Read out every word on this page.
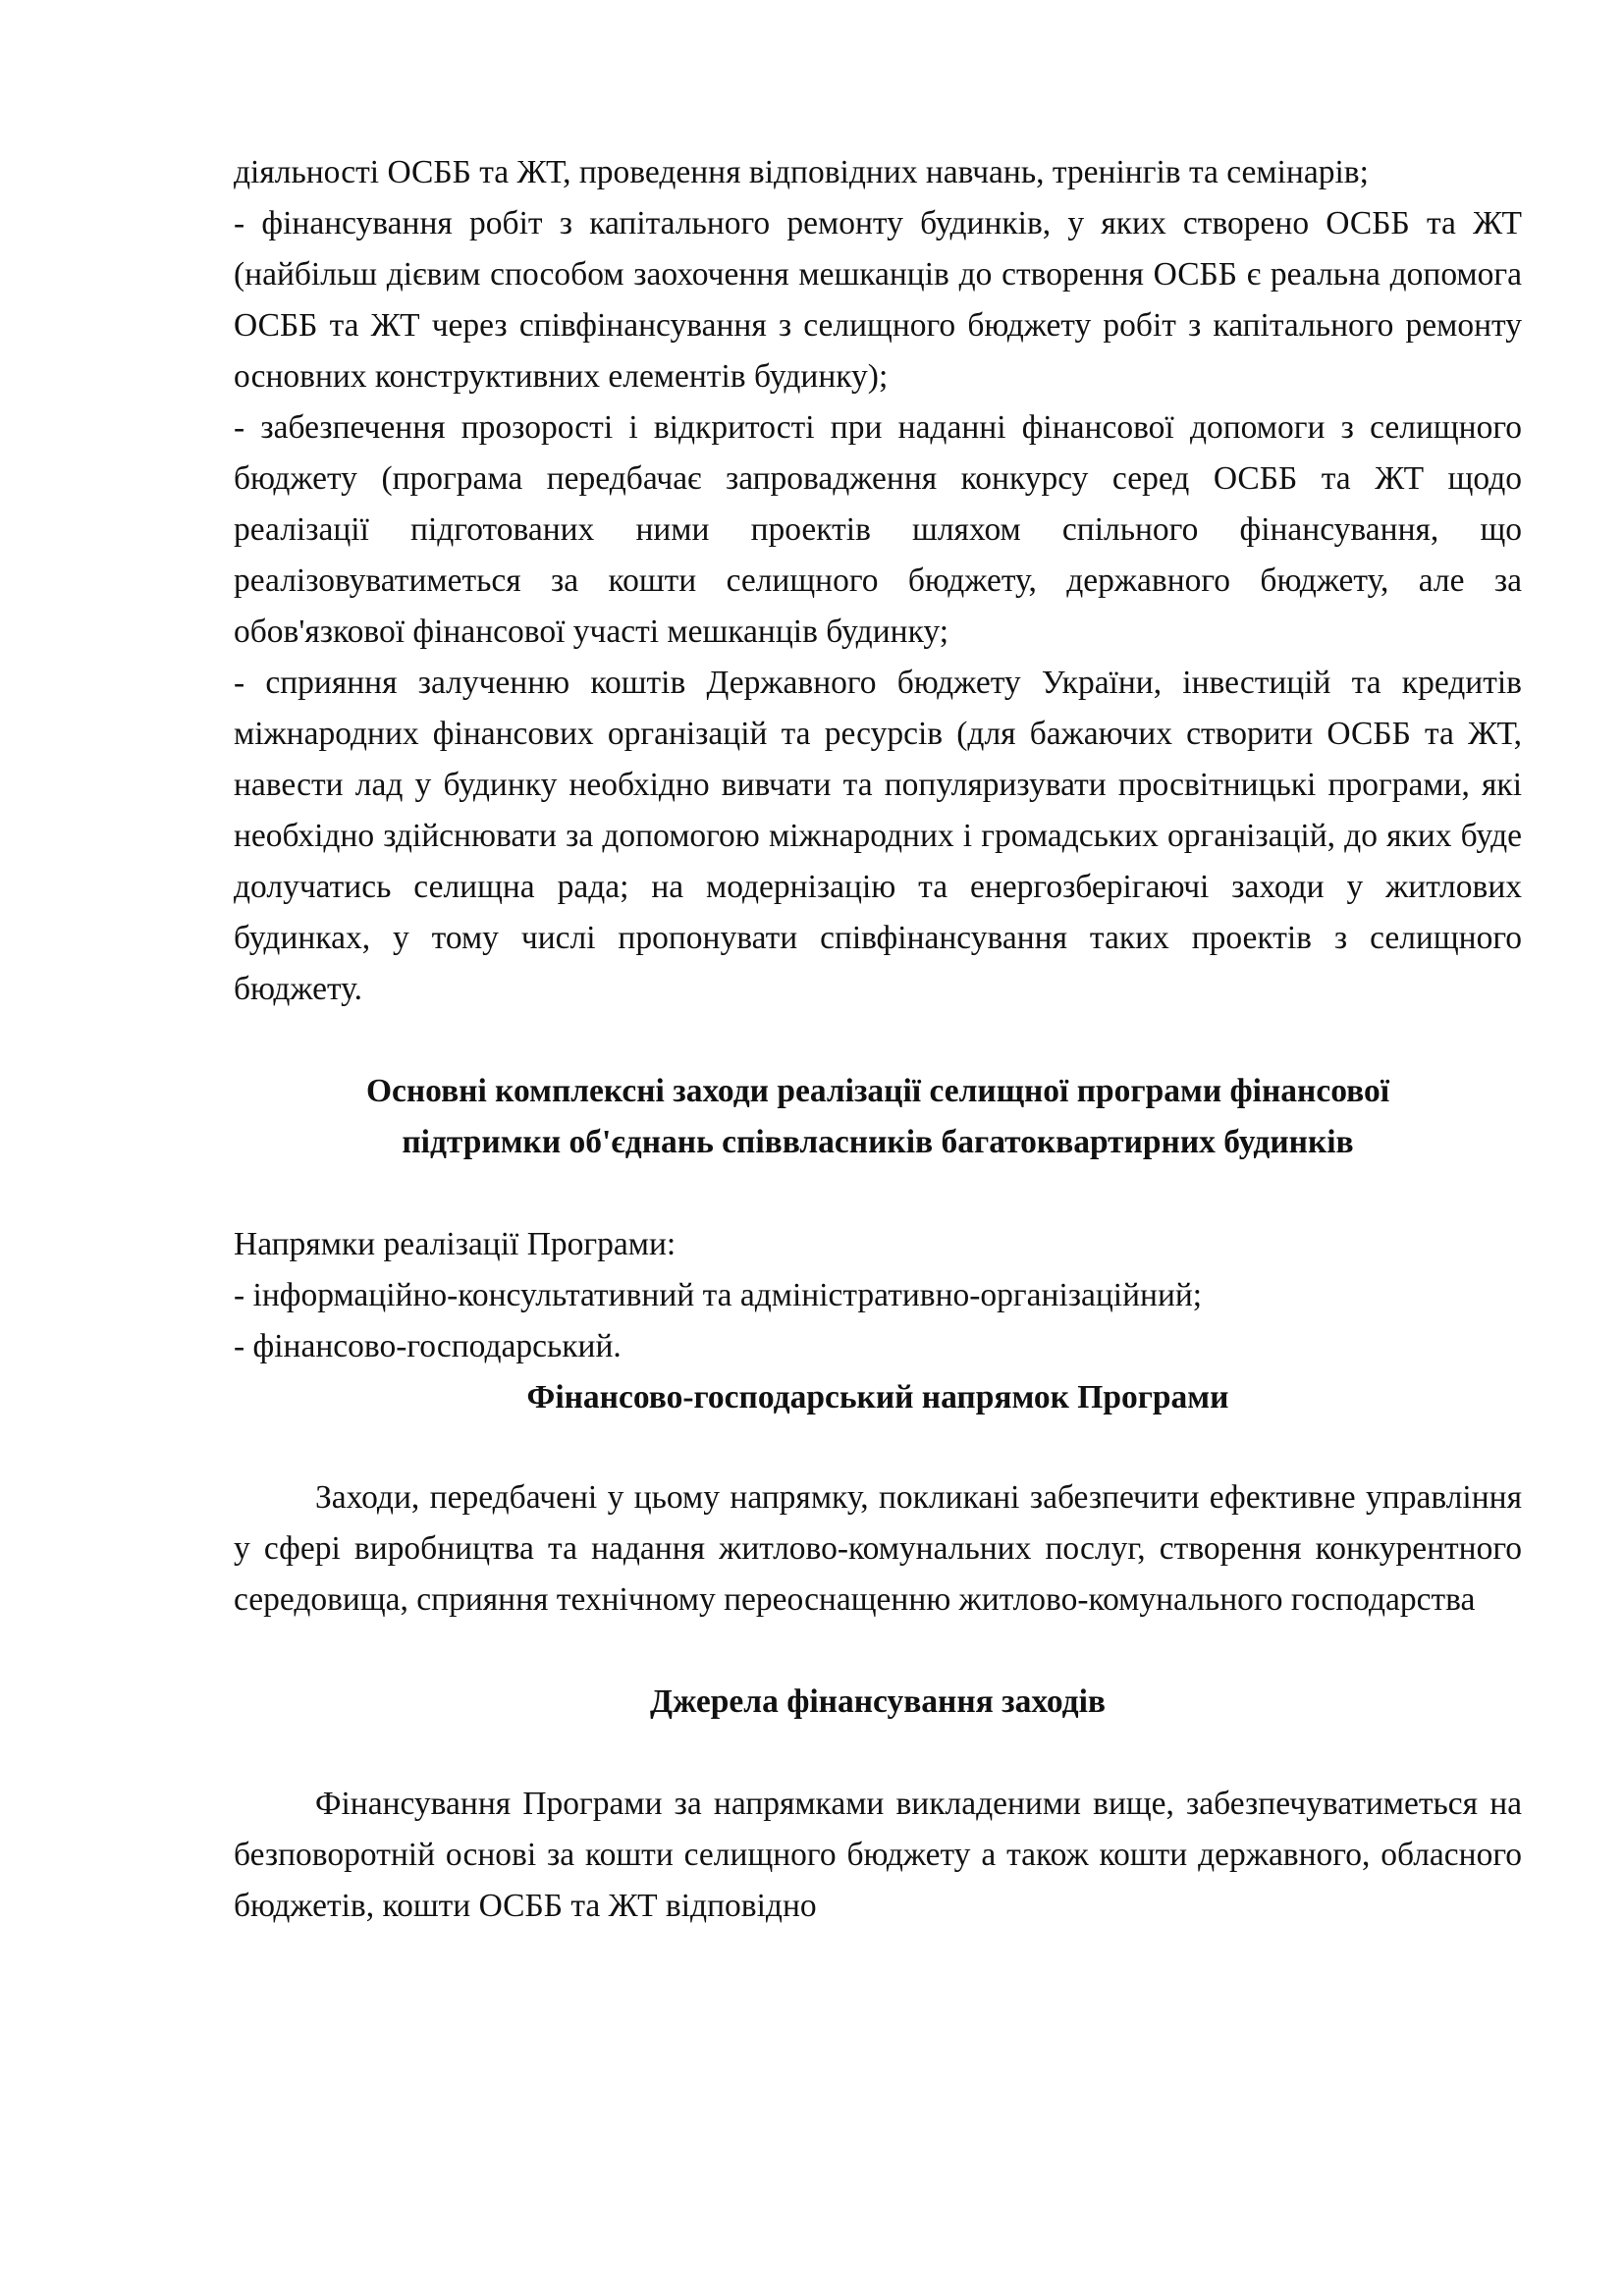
діяльності ОСББ та ЖТ, проведення відповідних навчань, тренінгів та семінарів;

- фінансування робіт з капітального ремонту будинків, у яких створено ОСББ та ЖТ (найбільш дієвим способом заохочення мешканців до створення ОСББ є реальна допомога ОСББ та ЖТ через співфінансування з селищного бюджету робіт з капітального ремонту основних конструктивних елементів будинку);

- забезпечення прозорості і відкритості при наданні фінансової допомоги з селищного бюджету (програма передбачає запровадження конкурсу серед ОСББ та ЖТ щодо реалізації підготованих ними проектів шляхом спільного фінансування, що реалізовуватиметься за кошти селищного бюджету, державного бюджету, але за обов'язкової фінансової участі мешканців будинку;

- сприяння залученню коштів Державного бюджету України, інвестицій та кредитів міжнародних фінансових організацій та ресурсів (для бажаючих створити ОСББ та ЖТ, навести лад у будинку необхідно вивчати та популяризувати просвітницькі програми, які необхідно здійснювати за допомогою міжнародних і громадських організацій, до яких буде долучатись селищна рада; на модернізацію та енергозберігаючі заходи у житлових будинках, у тому числі пропонувати співфінансування таких проектів з селищного бюджету.

Основні комплексні заходи реалізації селищної програми фінансової

підтримки об'єднань співвласників багатоквартирних будинків

Напрямки реалізації Програми:

- інформаційно-консультативний та адміністративно-організаційний;

- фінансово-господарський.

Фінансово-господарський напрямок Програми

Заходи, передбачені у цьому напрямку, покликані забезпечити ефективне управління у сфері виробництва та надання житлово-комунальних послуг, створення конкурентного середовища, сприяння технічному переоснащенню житлово-комунального господарства

Джерела фінансування заходів

Фінансування Програми за напрямками викладеними вище, забезпечуватиметься на безповоротній основі за кошти селищного бюджету а також кошти державного, обласного бюджетів, кошти ОСББ та ЖТ відповідно
